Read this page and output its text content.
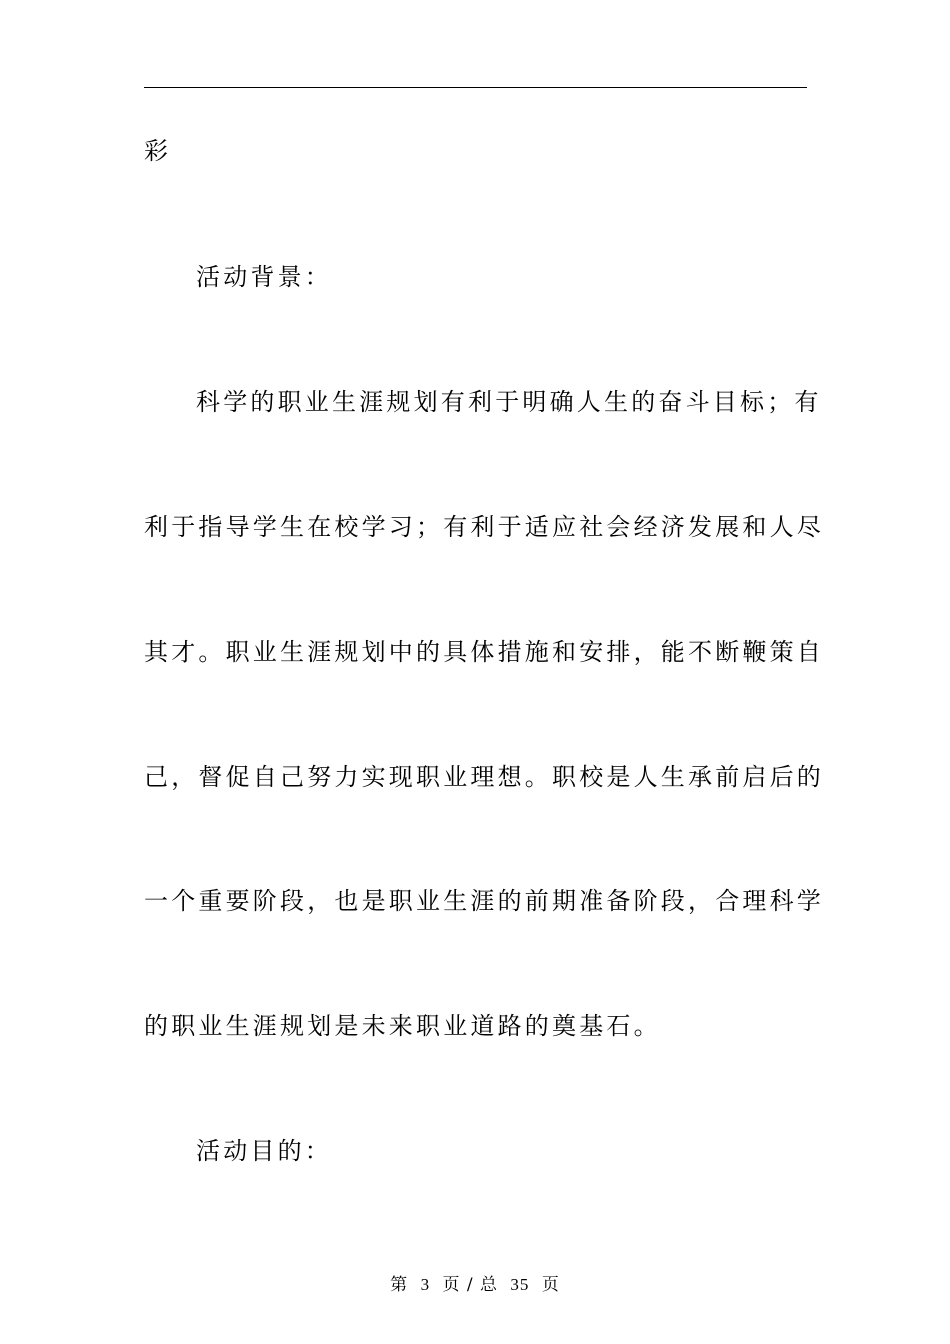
彩
活动背景：
科学的职业生涯规划有利于明确人生的奋斗目标；有
利于指导学生在校学习；有利于适应社会经济发展和人尽
其才。职业生涯规划中的具体措施和安排，能不断鞭策自
己，督促自己努力实现职业理想。职校是人生承前启后的
一个重要阶段，也是职业生涯的前期准备阶段，合理科学
的职业生涯规划是未来职业道路的奠基石。
活动目的：
第 3 页 / 总 35 页
